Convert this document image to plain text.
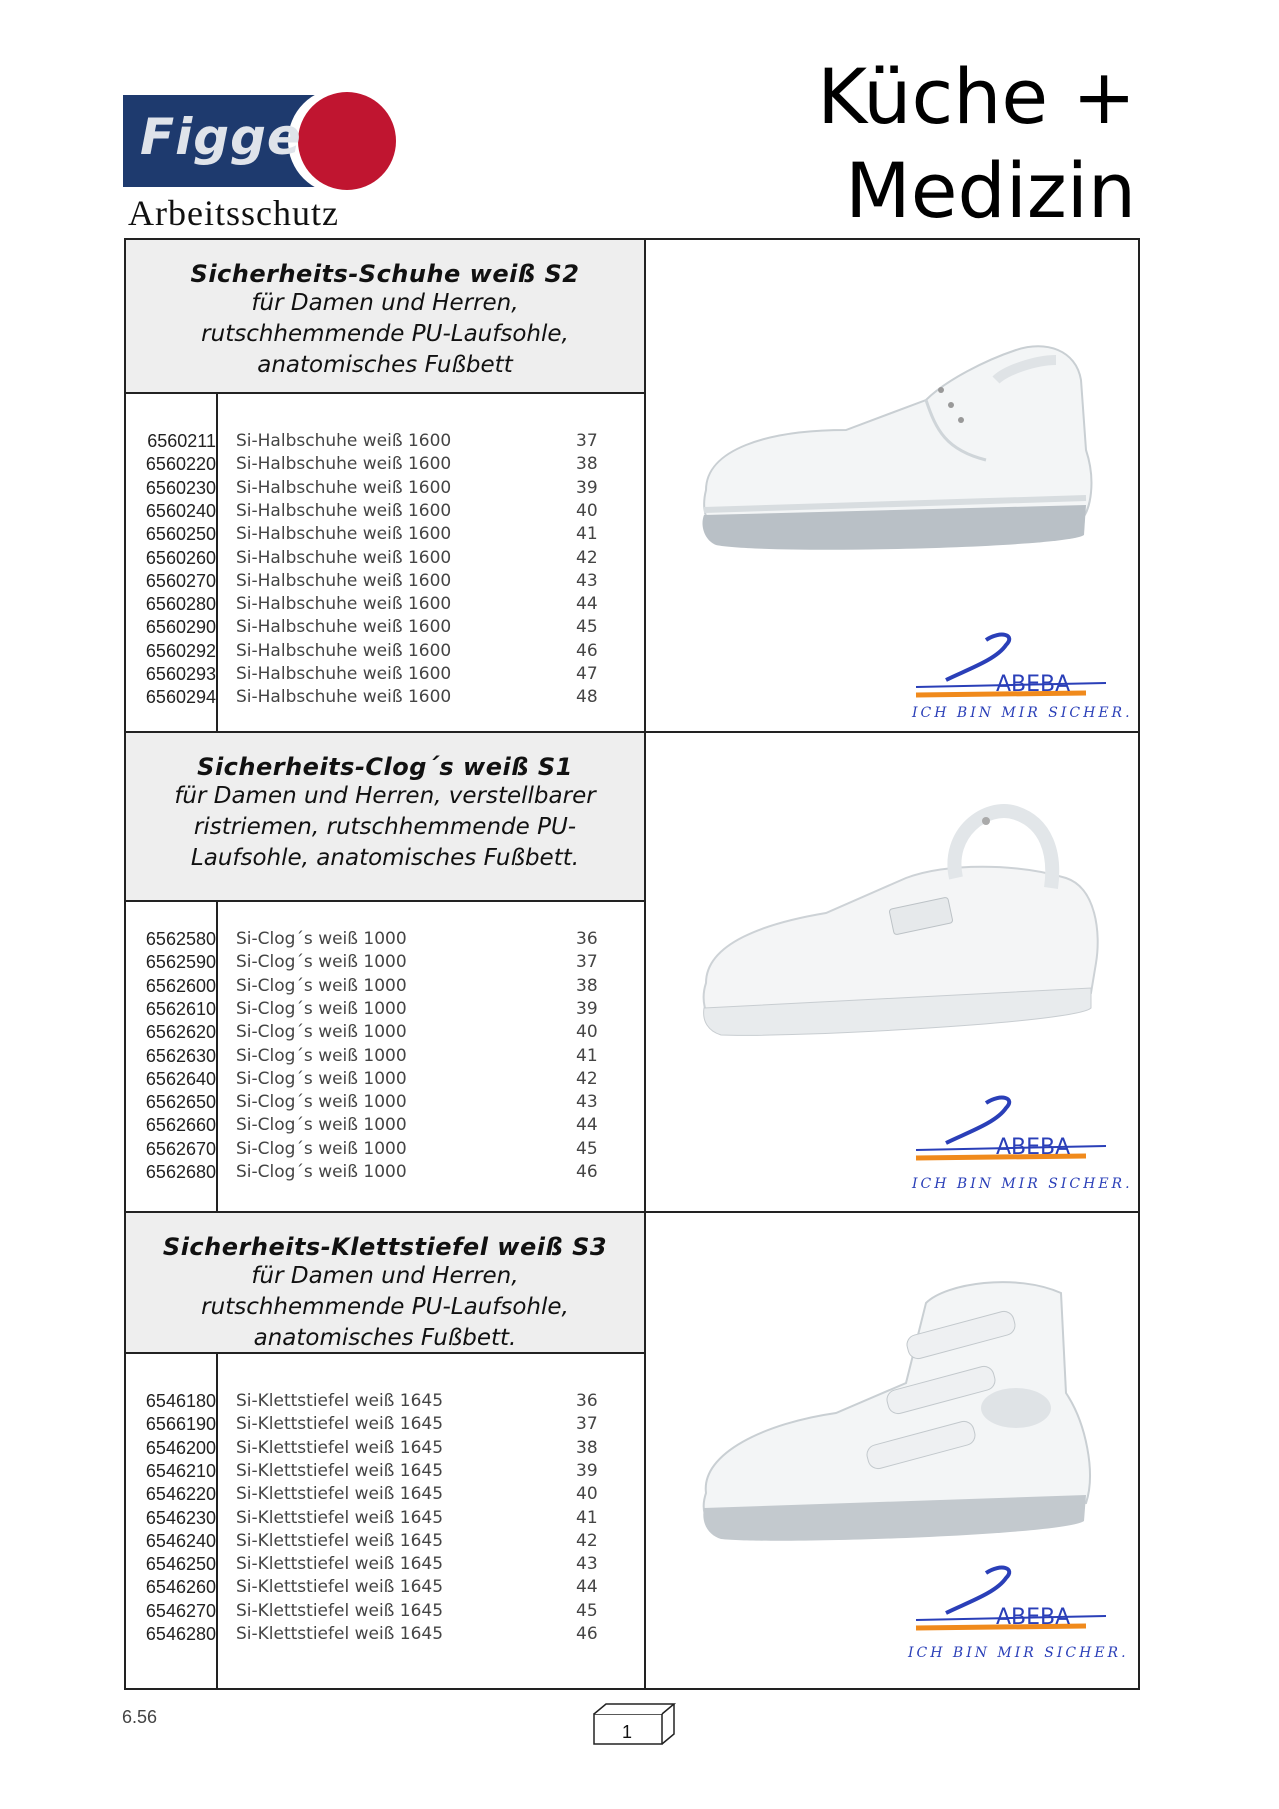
Figge
Arbeitsschutz
Küche +
Medizin
Sicherheits-Schuhe weiß S2
für Damen und Herren,
rutschhemmende PU-Laufsohle,
anatomisches Fußbett
6560211 Si-Halbschuhe weiß 1600	37
6560220 Si-Halbschuhe weiß 1600	38
6560230 Si-Halbschuhe weiß 1600	39
6560240 Si-Halbschuhe weiß 1600	40
6560250 Si-Halbschuhe weiß 1600	41
6560260 Si-Halbschuhe weiß 1600	42
6560270 Si-Halbschuhe weiß 1600	43
6560280 Si-Halbschuhe weiß 1600	44
6560290 Si-Halbschuhe weiß 1600	45
6560292 Si-Halbschuhe weiß 1600	46
6560293 Si-Halbschuhe weiß 1600	47
6560294 Si-Halbschuhe weiß 1600	48
ABEBA
ICH BIN MIR SICHER.
Sicherheits-Clog´s weiß S1
für Damen und Herren, verstellbarer
ristriemen, rutschhemmende PU-
Laufsohle, anatomisches Fußbett.
6562580 Si-Clog´s weiß 1000	36
6562590 Si-Clog´s weiß 1000	37
6562600 Si-Clog´s weiß 1000	38
6562610 Si-Clog´s weiß 1000	39
6562620 Si-Clog´s weiß 1000	40
6562630 Si-Clog´s weiß 1000	41
6562640 Si-Clog´s weiß 1000	42
6562650 Si-Clog´s weiß 1000	43
6562660 Si-Clog´s weiß 1000	44
6562670 Si-Clog´s weiß 1000	45
6562680 Si-Clog´s weiß 1000	46
ABEBA
ICH BIN MIR SICHER.
Sicherheits-Klettstiefel weiß S3
für Damen und Herren,
rutschhemmende PU-Laufsohle,
anatomisches Fußbett.
6546180 Si-Klettstiefel weiß 1645	36
6566190 Si-Klettstiefel weiß 1645	37
6546200 Si-Klettstiefel weiß 1645	38
6546210 Si-Klettstiefel weiß 1645	39
6546220 Si-Klettstiefel weiß 1645	40
6546230 Si-Klettstiefel weiß 1645	41
6546240 Si-Klettstiefel weiß 1645	42
6546250 Si-Klettstiefel weiß 1645	43
6546260 Si-Klettstiefel weiß 1645	44
6546270 Si-Klettstiefel weiß 1645	45
6546280 Si-Klettstiefel weiß 1645	46
ABEBA
ICH BIN MIR SICHER.
6.56
1
